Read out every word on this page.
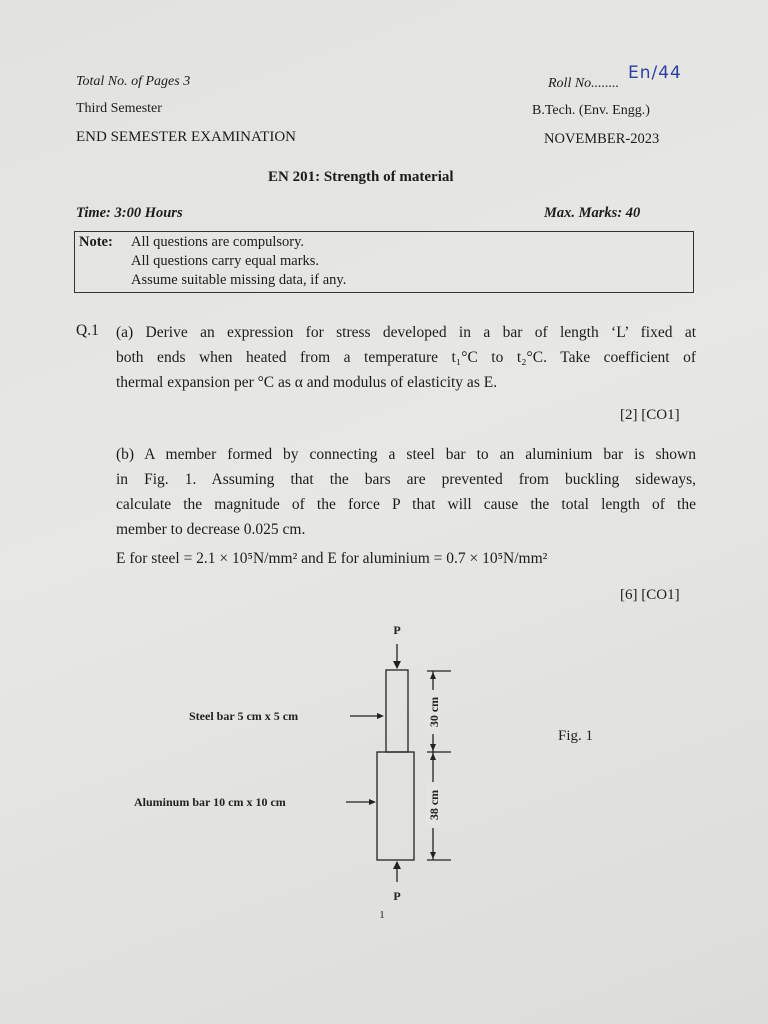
Total No. of Pages 3
Third Semester
END SEMESTER EXAMINATION
Roll No........
En/44
B.Tech. (Env. Engg.)
NOVEMBER-2023
EN 201: Strength of material
Time: 3:00 Hours	Max. Marks: 40
Note: All questions are compulsory.
All questions carry equal marks.
Assume suitable missing data, if any.
Q.1 (a) Derive an expression for stress developed in a bar of length ‘L’ fixed at
both ends when heated from a temperature t₁°C to t₂°C. Take coefficient of
thermal expansion per °C as α and modulus of elasticity as E.
[2] [CO1]
(b) A member formed by connecting a steel bar to an aluminium bar is shown
in Fig. 1. Assuming that the bars are prevented from buckling sideways,
calculate the magnitude of the force P that will cause the total length of the
member to decrease 0.025 cm.
E for steel = 2.1 × 10⁵N/mm² and E for aluminium = 0.7 × 10⁵N/mm²
[6] [CO1]
P
P
Steel bar 5 cm x 5 cm
Aluminum bar 10 cm x 10 cm
30 cm
38 cm
Fig. 1
1
